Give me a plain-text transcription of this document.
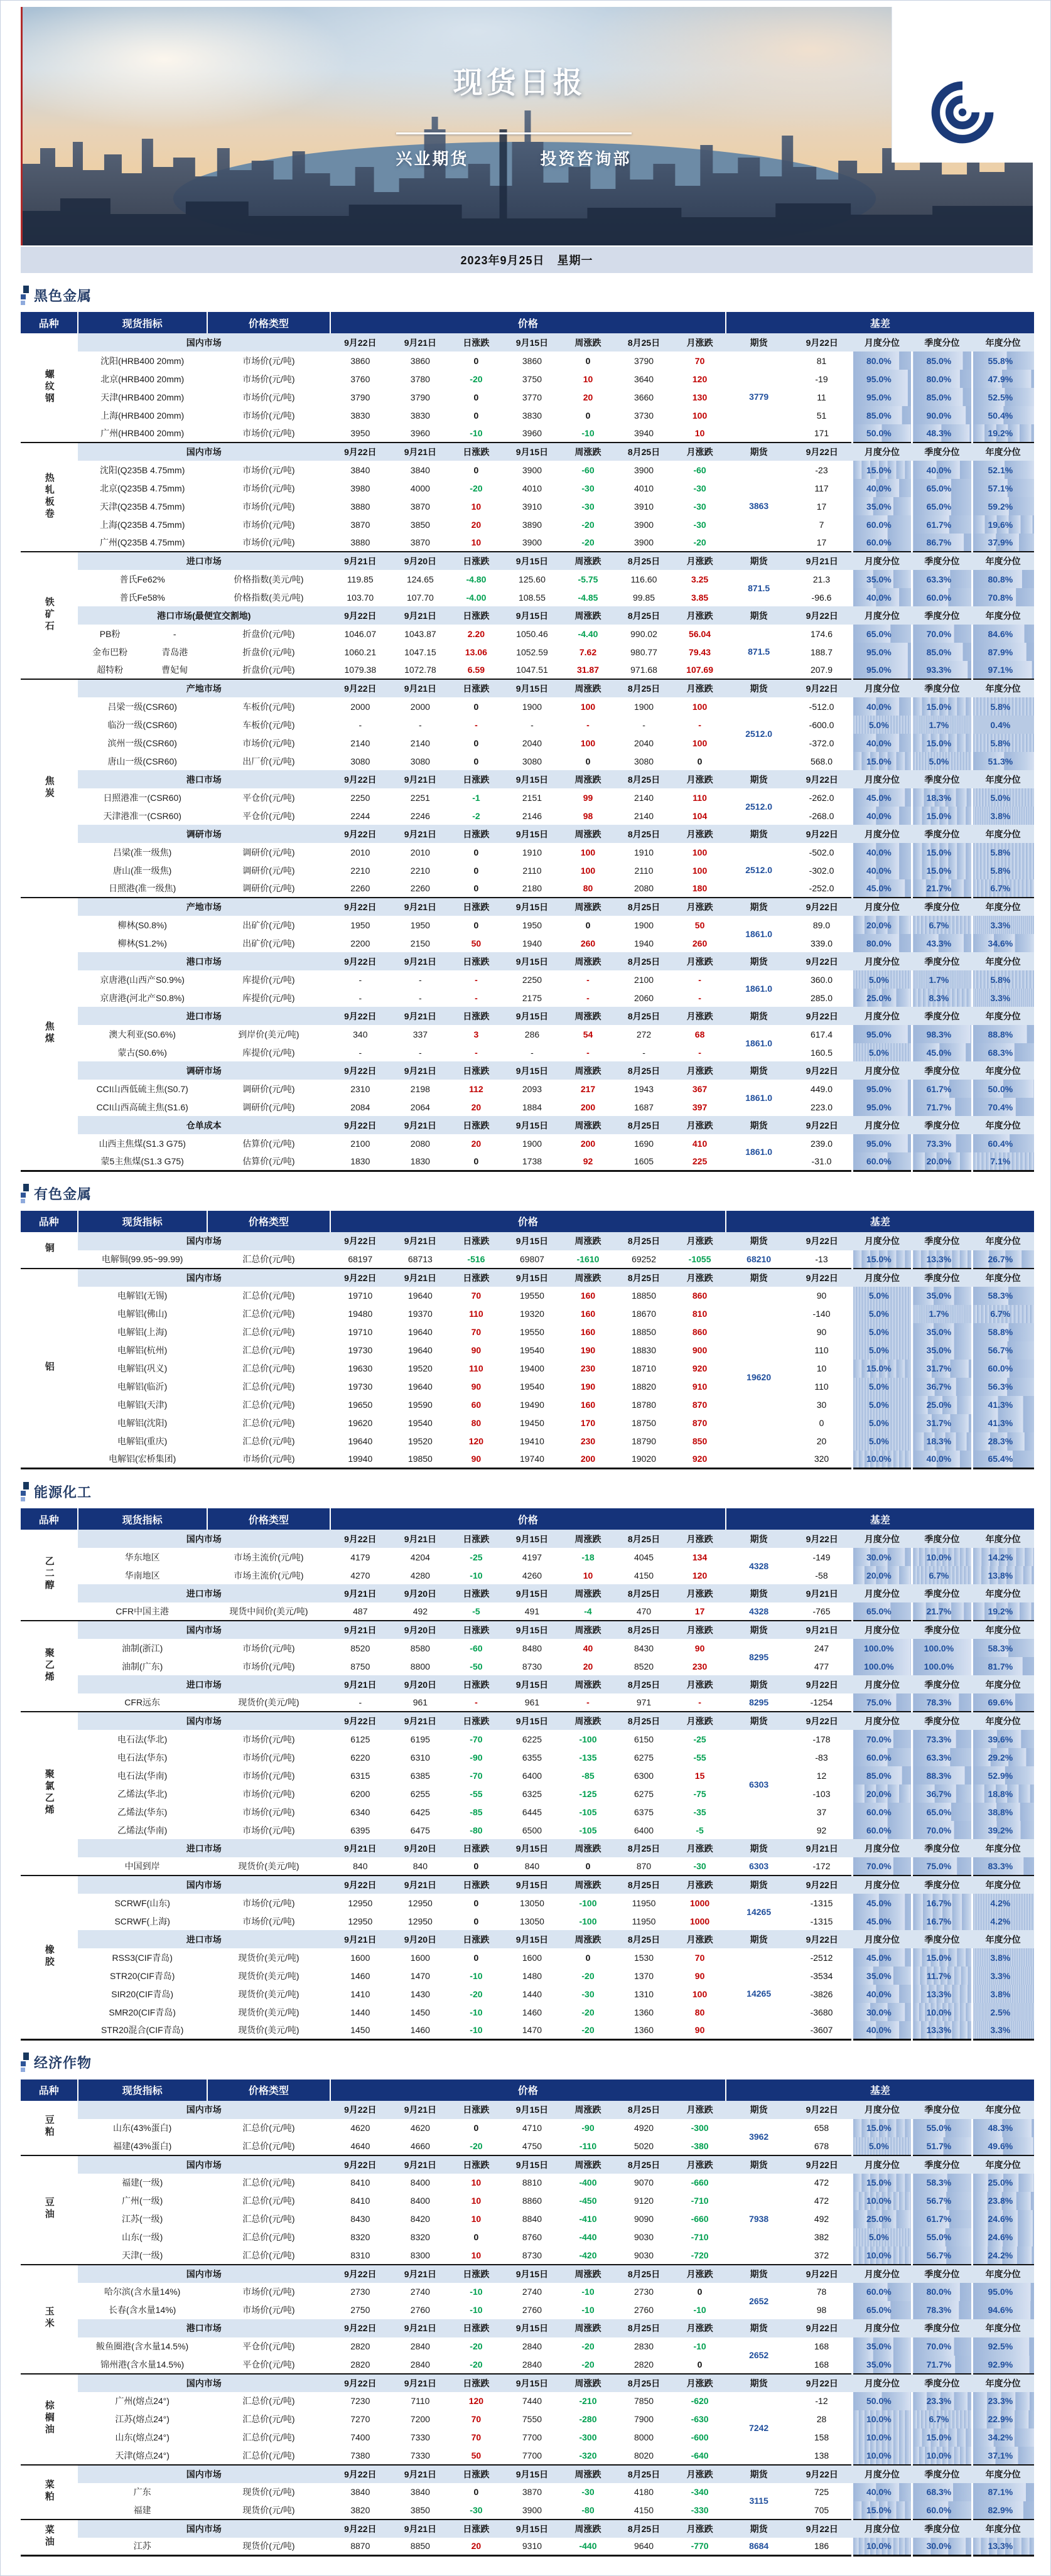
现货日报
兴业期货	投资咨询部
2023年9月25日 星期一
黑色金属
品种	现货指标	价格类型	价格							基差				
螺纹钢	国内市场		9月22日	9月21日	日涨跌	9月15日	周涨跌	8月25日	月涨跌	期货	9月22日	月度分位	季度分位	年度分位
	沈阳(HRB400 20mm)	市场价(元/吨)	3860	3860	0	3860	0	3790	70	3779	81	80.0%	85.0%	55.8%
	北京(HRB400 20mm)	市场价(元/吨)	3760	3780	-20	3750	10	3640	120		-19	95.0%	80.0%	47.9%
	天津(HRB400 20mm)	市场价(元/吨)	3790	3790	0	3770	20	3660	130		11	95.0%	85.0%	52.5%
	上海(HRB400 20mm)	市场价(元/吨)	3830	3830	0	3830	0	3730	100		51	85.0%	90.0%	50.4%
	广州(HRB400 20mm)	市场价(元/吨)	3950	3960	-10	3960	-10	3940	10		171	50.0%	48.3%	19.2%
热轧板卷	国内市场		9月22日	9月21日	日涨跌	9月15日	周涨跌	8月25日	月涨跌	期货	9月22日	月度分位	季度分位	年度分位
	沈阳(Q235B 4.75mm)	市场价(元/吨)	3840	3840	0	3900	-60	3900	-60	3863	-23	15.0%	40.0%	52.1%
	北京(Q235B 4.75mm)	市场价(元/吨)	3980	4000	-20	4010	-30	4010	-30		117	40.0%	65.0%	57.1%
	天津(Q235B 4.75mm)	市场价(元/吨)	3880	3870	10	3910	-30	3910	-30		17	35.0%	65.0%	59.2%
	上海(Q235B 4.75mm)	市场价(元/吨)	3870	3850	20	3890	-20	3900	-30		7	60.0%	61.7%	19.6%
	广州(Q235B 4.75mm)	市场价(元/吨)	3880	3870	10	3900	-20	3900	-20		17	60.0%	86.7%	37.9%
铁矿石	进口市场		9月21日	9月20日	日涨跌	9月15日	周涨跌	8月25日	月涨跌	期货	9月21日	月度分位	季度分位	年度分位
	普氏Fe62%	价格指数(美元/吨)	119.85	124.65	-4.80	125.60	-5.75	116.60	3.25	871.5	21.3	35.0%	63.3%	80.8%
	普氏Fe58%	价格指数(美元/吨)	103.70	107.70	-4.00	108.55	-4.85	99.85	3.85		-96.6	40.0%	60.0%	70.8%
	港口市场(最便宜交割地)		9月22日	9月21日	日涨跌	9月15日	周涨跌	8月25日	月涨跌	期货	9月22日	月度分位	季度分位	年度分位
	PB粉 -	折盘价(元/吨)	1046.07	1043.87	2.20	1050.46	-4.40	990.02	56.04	871.5	174.6	65.0%	70.0%	84.6%
	金布巴粉 青岛港	折盘价(元/吨)	1060.21	1047.15	13.06	1052.59	7.62	980.77	79.43		188.7	95.0%	85.0%	87.9%
	超特粉 曹妃甸	折盘价(元/吨)	1079.38	1072.78	6.59	1047.51	31.87	971.68	107.69		207.9	95.0%	93.3%	97.1%
焦炭	产地市场		9月22日	9月21日	日涨跌	9月15日	周涨跌	8月25日	月涨跌	期货	9月22日	月度分位	季度分位	年度分位
	吕梁一级(CSR60)	车板价(元/吨)	2000	2000	0	1900	100	1900	100	2512.0	-512.0	40.0%	15.0%	5.8%
	临汾一级(CSR60)	车板价(元/吨)	-	-	-	-	-	-	-		-600.0	5.0%	1.7%	0.4%
	滨州一级(CSR60)	市场价(元/吨)	2140	2140	0	2040	100	2040	100		-372.0	40.0%	15.0%	5.8%
	唐山一级(CSR60)	出厂价(元/吨)	3080	3080	0	3080	0	3080	0		568.0	15.0%	5.0%	51.3%
	港口市场		9月22日	9月21日	日涨跌	9月15日	周涨跌	8月25日	月涨跌	期货	9月22日	月度分位	季度分位	年度分位
	日照港准一(CSR60)	平仓价(元/吨)	2250	2251	-1	2151	99	2140	110	2512.0	-262.0	45.0%	18.3%	5.0%
	天津港准一(CSR60)	平仓价(元/吨)	2244	2246	-2	2146	98	2140	104		-268.0	40.0%	15.0%	3.8%
	调研市场		9月22日	9月21日	日涨跌	9月15日	周涨跌	8月25日	月涨跌	期货	9月22日	月度分位	季度分位	年度分位
	吕梁(准一级焦)	调研价(元/吨)	2010	2010	0	1910	100	1910	100	2512.0	-502.0	40.0%	15.0%	5.8%
	唐山(准一级焦)	调研价(元/吨)	2210	2210	0	2110	100	2110	100		-302.0	40.0%	15.0%	5.8%
	日照港(准一级焦)	调研价(元/吨)	2260	2260	0	2180	80	2080	180		-252.0	45.0%	21.7%	6.7%
焦煤	产地市场		9月22日	9月21日	日涨跌	9月15日	周涨跌	8月25日	月涨跌	期货	9月22日	月度分位	季度分位	年度分位
	柳林(S0.8%)	出矿价(元/吨)	1950	1950	0	1950	0	1900	50	1861.0	89.0	20.0%	6.7%	3.3%
	柳林(S1.2%)	出矿价(元/吨)	2200	2150	50	1940	260	1940	260		339.0	80.0%	43.3%	34.6%
	港口市场		9月22日	9月21日	日涨跌	9月15日	周涨跌	8月25日	月涨跌	期货	9月22日	月度分位	季度分位	年度分位
	京唐港(山西产S0.9%)	库提价(元/吨)	-	-	-	2250	-	2100	-	1861.0	360.0	5.0%	1.7%	5.8%
	京唐港(河北产S0.8%)	库提价(元/吨)	-	-	-	2175	-	2060	-		285.0	25.0%	8.3%	3.3%
	进口市场		9月22日	9月21日	日涨跌	9月15日	周涨跌	8月25日	月涨跌	期货	9月22日	月度分位	季度分位	年度分位
	澳大利亚(S0.6%)	到岸价(美元/吨)	340	337	3	286	54	272	68	1861.0	617.4	95.0%	98.3%	88.8%
	蒙古(S0.6%)	库提价(元/吨)	-	-	-	-	-	-	-		160.5	5.0%	45.0%	68.3%
	调研市场		9月22日	9月21日	日涨跌	9月15日	周涨跌	8月25日	月涨跌	期货	9月22日	月度分位	季度分位	年度分位
	CCI山西低硫主焦(S0.7)	调研价(元/吨)	2310	2198	112	2093	217	1943	367	1861.0	449.0	95.0%	61.7%	50.0%
	CCI山西高硫主焦(S1.6)	调研价(元/吨)	2084	2064	20	1884	200	1687	397		223.0	95.0%	71.7%	70.4%
	仓单成本		9月22日	9月21日	日涨跌	9月15日	周涨跌	8月25日	月涨跌	期货	9月22日	月度分位	季度分位	年度分位
	山西主焦煤(S1.3 G75)	估算价(元/吨)	2100	2080	20	1900	200	1690	410	1861.0	239.0	95.0%	73.3%	60.4%
	蒙5主焦煤(S1.3 G75)	估算价(元/吨)	1830	1830	0	1738	92	1605	225		-31.0	60.0%	20.0%	7.1%
有色金属
品种	现货指标	价格类型	价格							基差				
铜	国内市场		9月22日	9月21日	日涨跌	9月15日	周涨跌	8月25日	月涨跌	期货	9月22日	月度分位	季度分位	年度分位
	电解铜(99.95~99.99)	汇总价(元/吨)	68197	68713	-516	69807	-1610	69252	-1055	68210	-13	15.0%	13.3%	26.7%
铝	国内市场		9月22日	9月21日	日涨跌	9月15日	周涨跌	8月25日	月涨跌	期货	9月22日	月度分位	季度分位	年度分位
	电解铝(无锡)	汇总价(元/吨)	19710	19640	70	19550	160	18850	860	19620	90	5.0%	35.0%	58.3%
	电解铝(佛山)	汇总价(元/吨)	19480	19370	110	19320	160	18670	810		-140	5.0%	1.7%	6.7%
	电解铝(上海)	汇总价(元/吨)	19710	19640	70	19550	160	18850	860		90	5.0%	35.0%	58.8%
	电解铝(杭州)	汇总价(元/吨)	19730	19640	90	19540	190	18830	900		110	5.0%	35.0%	56.7%
	电解铝(巩义)	汇总价(元/吨)	19630	19520	110	19400	230	18710	920		10	15.0%	31.7%	60.0%
	电解铝(临沂)	汇总价(元/吨)	19730	19640	90	19540	190	18820	910		110	5.0%	36.7%	56.3%
	电解铝(天津)	汇总价(元/吨)	19650	19590	60	19490	160	18780	870		30	5.0%	25.0%	41.3%
	电解铝(沈阳)	汇总价(元/吨)	19620	19540	80	19450	170	18750	870		0	5.0%	31.7%	41.3%
	电解铝(重庆)	汇总价(元/吨)	19640	19520	120	19410	230	18790	850		20	5.0%	18.3%	28.3%
	电解铝(宏桥集团)	市场价(元/吨)	19940	19850	90	19740	200	19020	920		320	10.0%	40.0%	65.4%
能源化工
品种	现货指标	价格类型	价格							基差				
乙二醇	国内市场		9月22日	9月21日	日涨跌	9月15日	周涨跌	8月25日	月涨跌	期货	9月22日	月度分位	季度分位	年度分位
	华东地区	市场主流价(元/吨)	4179	4204	-25	4197	-18	4045	134	4328	-149	30.0%	10.0%	14.2%
	华南地区	市场主流价(元/吨)	4270	4280	-10	4260	10	4150	120		-58	20.0%	6.7%	13.8%
	进口市场		9月21日	9月20日	日涨跌	9月15日	周涨跌	8月25日	月涨跌	期货	9月21日	月度分位	季度分位	年度分位
	CFR中国主港	现货中间价(美元/吨)	487	492	-5	491	-4	470	17	4328	-765	65.0%	21.7%	19.2%
聚乙烯	国内市场		9月21日	9月20日	日涨跌	9月15日	周涨跌	8月25日	月涨跌	期货	9月21日	月度分位	季度分位	年度分位
	油制(浙江)	市场价(元/吨)	8520	8580	-60	8480	40	8430	90	8295	247	100.0%	100.0%	58.3%
	油制(广东)	市场价(元/吨)	8750	8800	-50	8730	20	8520	230		477	100.0%	100.0%	81.7%
	进口市场		9月21日	9月20日	日涨跌	9月15日	周涨跌	8月25日	月涨跌	期货	9月22日	月度分位	季度分位	年度分位
	CFR远东	现货价(美元/吨)	-	961	-	961	-	971	-	8295	-1254	75.0%	78.3%	69.6%
聚氯乙烯	国内市场		9月22日	9月21日	日涨跌	9月15日	周涨跌	8月25日	月涨跌	期货	9月22日	月度分位	季度分位	年度分位
	电石法(华北)	市场价(元/吨)	6125	6195	-70	6225	-100	6150	-25	6303	-178	70.0%	73.3%	39.6%
	电石法(华东)	市场价(元/吨)	6220	6310	-90	6355	-135	6275	-55		-83	60.0%	63.3%	29.2%
	电石法(华南)	市场价(元/吨)	6315	6385	-70	6400	-85	6300	15		12	85.0%	88.3%	52.9%
	乙烯法(华北)	市场价(元/吨)	6200	6255	-55	6325	-125	6275	-75		-103	20.0%	36.7%	18.8%
	乙烯法(华东)	市场价(元/吨)	6340	6425	-85	6445	-105	6375	-35		37	60.0%	65.0%	38.8%
	乙烯法(华南)	市场价(元/吨)	6395	6475	-80	6500	-105	6400	-5		92	60.0%	70.0%	39.2%
	进口市场		9月21日	9月20日	日涨跌	9月15日	周涨跌	8月25日	月涨跌	期货	9月21日	月度分位	季度分位	年度分位
	中国到岸	现货价(美元/吨)	840	840	0	840	0	870	-30	6303	-172	70.0%	75.0%	83.3%
橡胶	国内市场		9月22日	9月21日	日涨跌	9月15日	周涨跌	8月25日	月涨跌	期货	9月22日	月度分位	季度分位	年度分位
	SCRWF(山东)	市场价(元/吨)	12950	12950	0	13050	-100	11950	1000	14265	-1315	45.0%	16.7%	4.2%
	SCRWF(上海)	市场价(元/吨)	12950	12950	0	13050	-100	11950	1000		-1315	45.0%	16.7%	4.2%
	进口市场		9月21日	9月20日	日涨跌	9月15日	周涨跌	8月25日	月涨跌	期货	9月22日	月度分位	季度分位	年度分位
	RSS3(CIF青岛)	现货价(美元/吨)	1600	1600	0	1600	0	1530	70	14265	-2512	45.0%	15.0%	3.8%
	STR20(CIF青岛)	现货价(美元/吨)	1460	1470	-10	1480	-20	1370	90		-3534	35.0%	11.7%	3.3%
	SIR20(CIF青岛)	现货价(美元/吨)	1410	1430	-20	1440	-30	1310	100		-3826	40.0%	13.3%	3.8%
	SMR20(CIF青岛)	现货价(美元/吨)	1440	1450	-10	1460	-20	1360	80		-3680	30.0%	10.0%	2.5%
	STR20混合(CIF青岛)	现货价(美元/吨)	1450	1460	-10	1470	-20	1360	90		-3607	40.0%	13.3%	3.3%
经济作物
品种	现货指标	价格类型	价格							基差				
豆粕	国内市场		9月22日	9月21日	日涨跌	9月15日	周涨跌	8月25日	月涨跌	期货	9月22日	月度分位	季度分位	年度分位
	山东(43%蛋白)	汇总价(元/吨)	4620	4620	0	4710	-90	4920	-300	3962	658	15.0%	55.0%	48.3%
	福建(43%蛋白)	汇总价(元/吨)	4640	4660	-20	4750	-110	5020	-380		678	5.0%	51.7%	49.6%
豆油	国内市场		9月22日	9月21日	日涨跌	9月15日	周涨跌	8月25日	月涨跌	期货	9月22日	月度分位	季度分位	年度分位
	福建(一级)	汇总价(元/吨)	8410	8400	10	8810	-400	9070	-660	7938	472	15.0%	58.3%	25.0%
	广州(一级)	汇总价(元/吨)	8410	8400	10	8860	-450	9120	-710		472	10.0%	56.7%	23.8%
	江苏(一级)	汇总价(元/吨)	8430	8420	10	8840	-410	9090	-660		492	25.0%	61.7%	24.6%
	山东(一级)	汇总价(元/吨)	8320	8320	0	8760	-440	9030	-710		382	5.0%	55.0%	24.6%
	天津(一级)	汇总价(元/吨)	8310	8300	10	8730	-420	9030	-720		372	10.0%	56.7%	24.2%
玉米	国内市场		9月22日	9月21日	日涨跌	9月15日	周涨跌	8月25日	月涨跌	期货	9月22日	月度分位	季度分位	年度分位
	哈尔滨(含水量14%)	市场价(元/吨)	2730	2740	-10	2740	-10	2730	0	2652	78	60.0%	80.0%	95.0%
	长春(含水量14%)	市场价(元/吨)	2750	2760	-10	2760	-10	2760	-10		98	65.0%	78.3%	94.6%
	港口市场		9月22日	9月21日	日涨跌	9月15日	周涨跌	8月25日	月涨跌	期货	9月22日	月度分位	季度分位	年度分位
	鲅鱼圈港(含水量14.5%)	平仓价(元/吨)	2820	2840	-20	2840	-20	2830	-10	2652	168	35.0%	70.0%	92.5%
	锦州港(含水量14.5%)	平仓价(元/吨)	2820	2840	-20	2840	-20	2820	0		168	35.0%	71.7%	92.9%
棕榈油	国内市场		9月22日	9月21日	日涨跌	9月15日	周涨跌	8月25日	月涨跌	期货	9月22日	月度分位	季度分位	年度分位
	广州(熔点24°)	汇总价(元/吨)	7230	7110	120	7440	-210	7850	-620	7242	-12	50.0%	23.3%	23.3%
	江苏(熔点24°)	汇总价(元/吨)	7270	7200	70	7550	-280	7900	-630		28	10.0%	6.7%	22.9%
	山东(熔点24°)	汇总价(元/吨)	7400	7330	70	7700	-300	8000	-600		158	10.0%	15.0%	34.2%
	天津(熔点24°)	汇总价(元/吨)	7380	7330	50	7700	-320	8020	-640		138	10.0%	10.0%	37.1%
菜粕	国内市场		9月22日	9月21日	日涨跌	9月15日	周涨跌	8月25日	月涨跌	期货	9月22日	月度分位	季度分位	年度分位
	广东	现货价(元/吨)	3840	3840	0	3870	-30	4180	-340	3115	725	40.0%	68.3%	87.1%
	福建	现货价(元/吨)	3820	3850	-30	3900	-80	4150	-330		705	15.0%	60.0%	82.9%
菜油	国内市场		9月22日	9月21日	日涨跌	9月15日	周涨跌	8月25日	月涨跌	期货	9月22日	月度分位	季度分位	年度分位
	江苏	现货价(元/吨)	8870	8850	20	9310	-440	9640	-770	8684	186	10.0%	30.0%	13.3%
